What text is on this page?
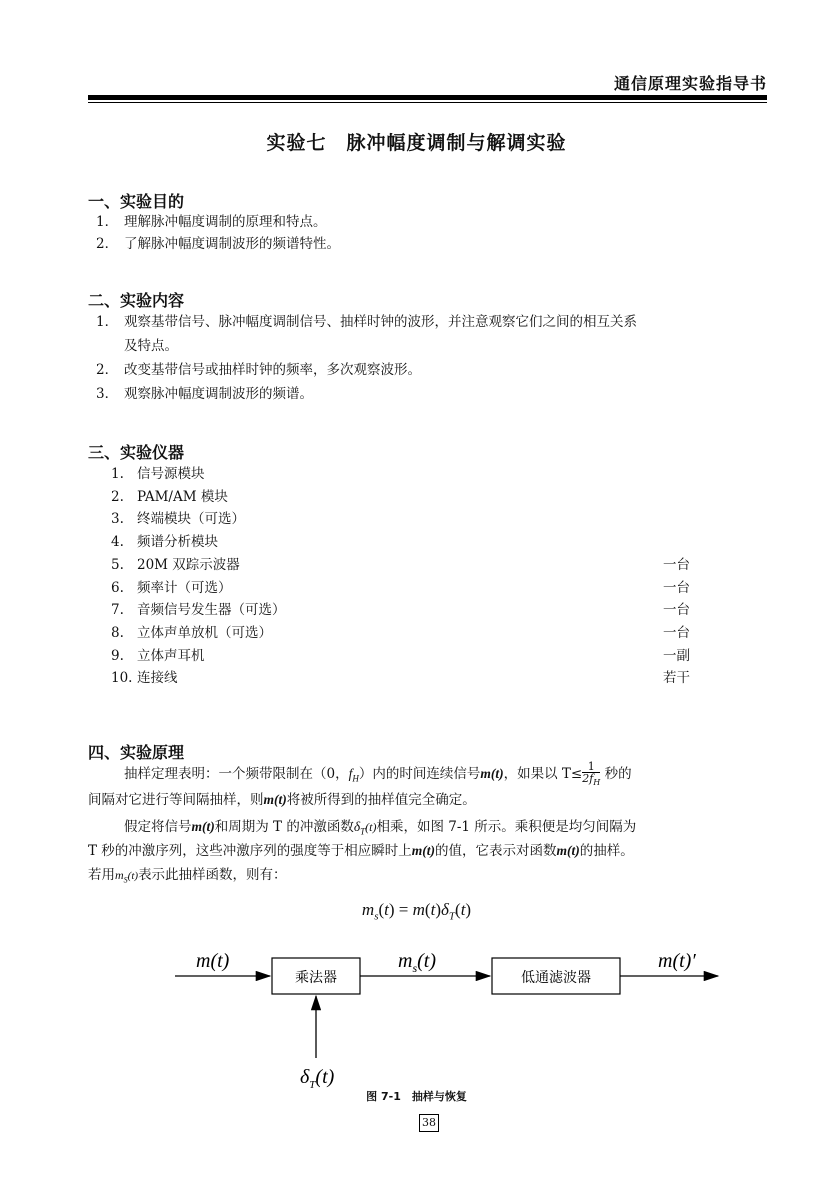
通信原理实验指导书
实验七　脉冲幅度调制与解调实验
一、实验目的
1． 理解脉冲幅度调制的原理和特点。
2． 了解脉冲幅度调制波形的频谱特性。
二、实验内容
1． 观察基带信号、脉冲幅度调制信号、抽样时钟的波形，并注意观察它们之间的相互关系
及特点。
2． 改变基带信号或抽样时钟的频率，多次观察波形。
3． 观察脉冲幅度调制波形的频谱。
三、实验仪器
1. 信号源模块
2. PAM/AM 模块
3. 终端模块（可选）
4. 频谱分析模块
5. 20M 双踪示波器	一台
6. 频率计（可选）	一台
7. 音频信号发生器（可选）	一台
8. 立体声单放机（可选）	一台
9. 立体声耳机	一副
10. 连接线	若干
四、实验原理
抽样定理表明：一个频带限制在（0，$f_H$）内的时间连续信号m(t)，如果以 $T\le \frac{1}{2f_H}$ 秒的
间隔对它进行等间隔抽样，则m(t)将被所得到的抽样值完全确定。
假定将信号m(t)和周期为 T 的冲激函数$\delta_T(t)$相乘，如图 7-1 所示。乘积便是均匀间隔为
T 秒的冲激序列，这些冲激序列的强度等于相应瞬时上m(t)的值，它表示对函数m(t)的抽样。
若用$m_S(t)$表示此抽样函数，则有：
$m_s(t) = m(t)\delta_T(t)$
m(t)
乘法器
$m_s(t)$
低通滤波器
m(t)′
$\delta_T(t)$
图 7-1　抽样与恢复
38
